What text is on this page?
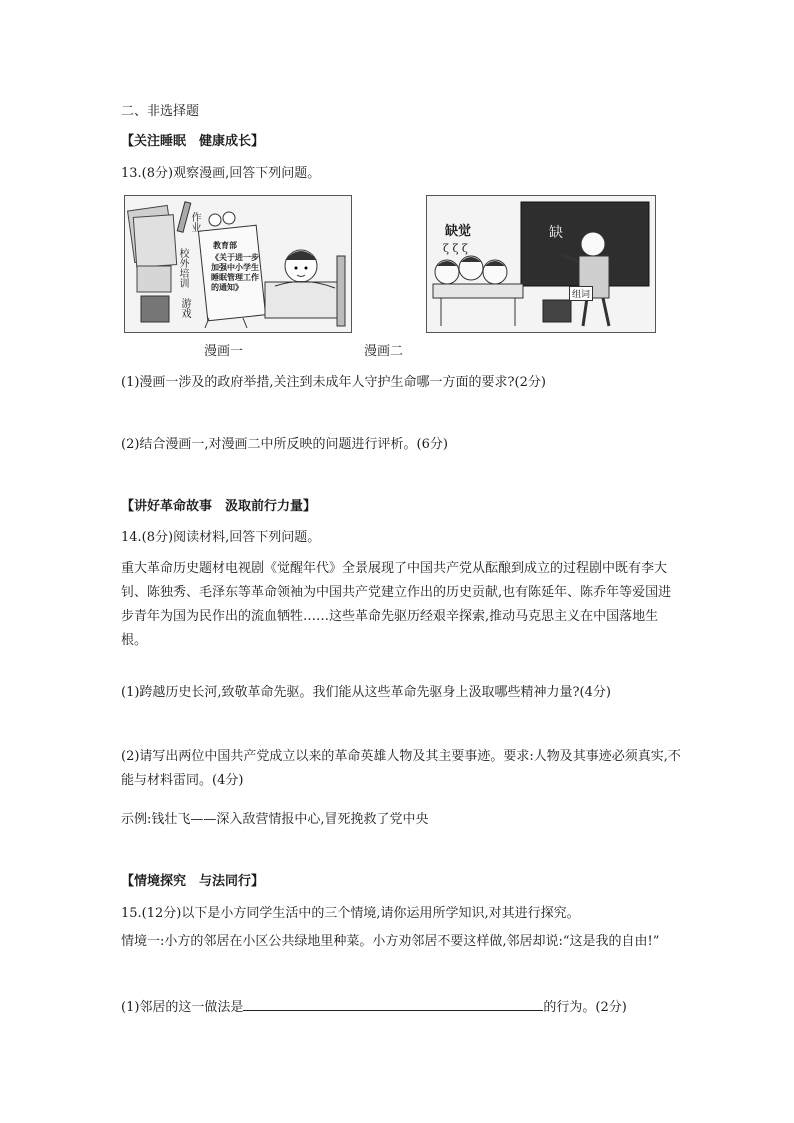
二、非选择题
【关注睡眠　健康成长】
13.(8分)观察漫画,回答下列问题。
作业
校外培训
游戏
教育部
《关于进一步加强中小学生睡眠管理工作的通知》
缺觉
ζ ζ ζ
缺
组词
漫画一	漫画二
(1)漫画一涉及的政府举措,关注到未成年人守护生命哪一方面的要求?(2分)
(2)结合漫画一,对漫画二中所反映的问题进行评析。(6分)
【讲好革命故事　汲取前行力量】
14.(8分)阅读材料,回答下列问题。
重大革命历史题材电视剧《觉醒年代》全景展现了中国共产党从酝酿到成立的过程剧中既有李大钊、陈独秀、毛泽东等革命领袖为中国共产党建立作出的历史贡献,也有陈延年、陈乔年等爱国进步青年为国为民作出的流血牺牲……这些革命先驱历经艰辛探索,推动马克思主义在中国落地生根。
(1)跨越历史长河,致敬革命先驱。我们能从这些革命先驱身上汲取哪些精神力量?(4分)
(2)请写出两位中国共产党成立以来的革命英雄人物及其主要事迹。要求:人物及其事迹必须真实,不能与材料雷同。(4分)
示例:钱壮飞——深入敌营情报中心,冒死挽救了党中央
【情境探究　与法同行】
15.(12分)以下是小方同学生活中的三个情境,请你运用所学知识,对其进行探究。
情境一:小方的邻居在小区公共绿地里种菜。小方劝邻居不要这样做,邻居却说:“这是我的自由!”
(1)邻居的这一做法是	的行为。(2分)
